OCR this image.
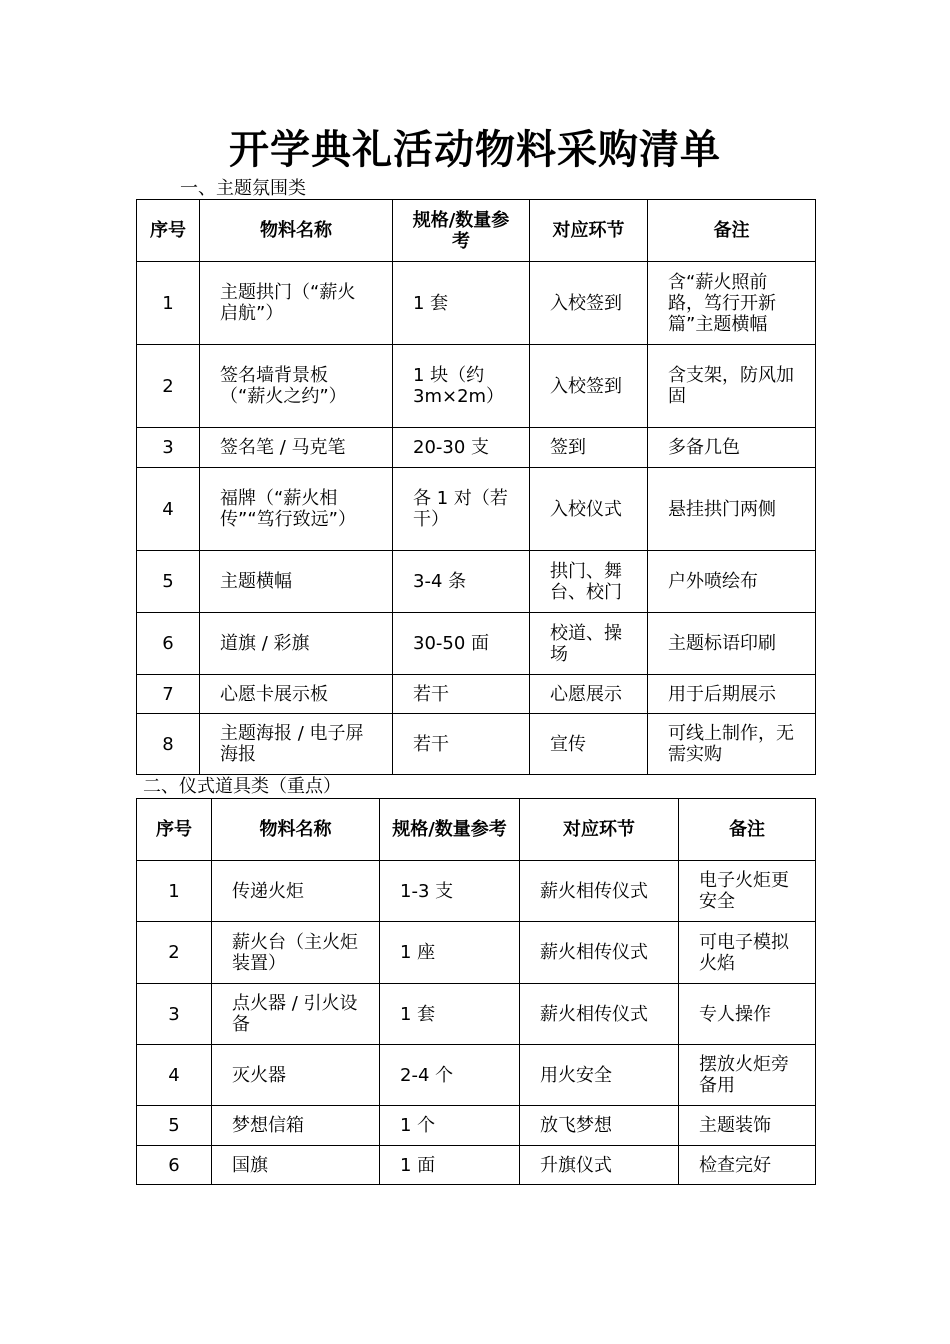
开学典礼活动物料采购清单
一、主题氛围类
序号	物料名称	规格/数量参考	对应环节	备注
1	主题拱门（“薪火启航”）	1 套	入校签到	含“薪火照前路，笃行开新篇”主题横幅
2	签名墙背景板（“薪火之约”）	1 块（约 3m×2m）	入校签到	含支架，防风加固
3	签名笔 / 马克笔	20-30 支	签到	多备几色
4	福牌（“薪火相传”“笃行致远”）	各 1 对（若干）	入校仪式	悬挂拱门两侧
5	主题横幅	3-4 条	拱门、舞台、校门	户外喷绘布
6	道旗 / 彩旗	30-50 面	校道、操场	主题标语印刷
7	心愿卡展示板	若干	心愿展示	用于后期展示
8	主题海报 / 电子屏海报	若干	宣传	可线上制作，无需实购
二、仪式道具类（重点）
序号	物料名称	规格/数量参考	对应环节	备注
1	传递火炬	1-3 支	薪火相传仪式	电子火炬更安全
2	薪火台（主火炬装置）	1 座	薪火相传仪式	可电子模拟火焰
3	点火器 / 引火设备	1 套	薪火相传仪式	专人操作
4	灭火器	2-4 个	用火安全	摆放火炬旁备用
5	梦想信箱	1 个	放飞梦想	主题装饰
6	国旗	1 面	升旗仪式	检查完好
